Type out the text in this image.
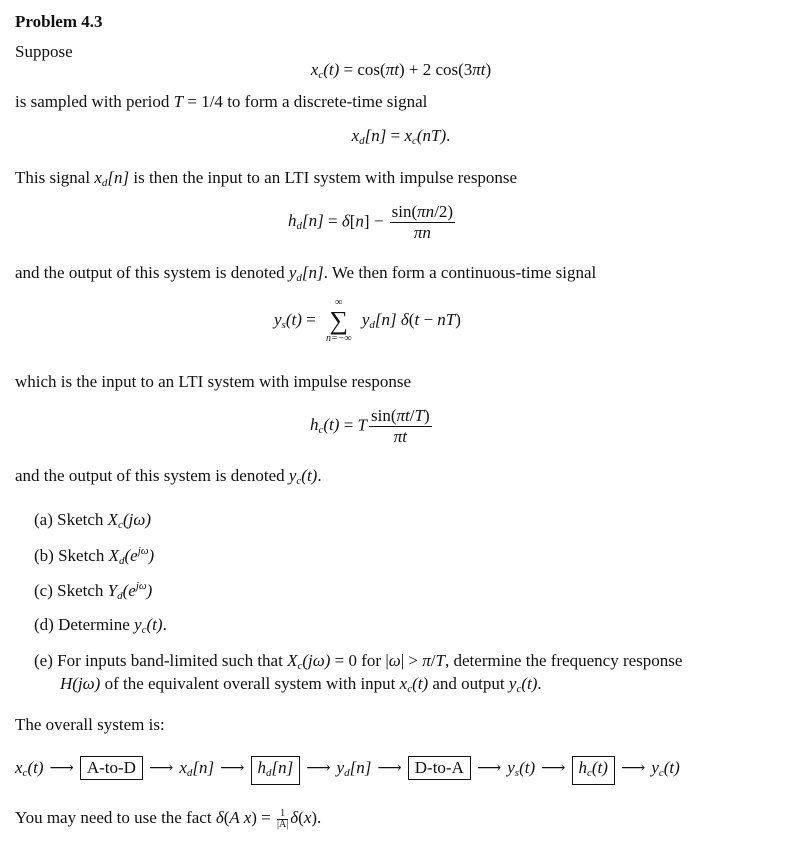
Problem 4.3
Suppose
$x_c(t) = \cos(\pi t) + 2$ cos(3πt)
is sampled with period T = 1/4 to form a discrete-time signal
$x_d[n] = x_c(nT)$.
This signal $x_d[n]$ is then the input to an LTI system with impulse response
$h_d[n] = \delta[n] - \frac{\sin(\pi n/2)}{\pi n}$
and the output of this system is denoted $y_d[n]$. We then form a continuous-time signal
$y_s(t)$ =
∞
∑
n=−∞
$y_d[n] \delta(t - nT)$
which is the input to an LTI system with impulse response
$h_c(t) = T \frac{\sin(\pi t/T)}{\pi t}$
and the output of this system is denoted $y_c(t)$.
(a) Sketch $X_c(j\omega)$
(b) Sketch $X_d(e^{j\omega})$
(c) Sketch $Y_d(e^{j\omega})$
(d) Determine $y_c(t)$.
(e) For inputs band-limited such that $X_c(j\omega) = 0$ for |ω| > π/T, determine the frequency response
H(jω) of the equivalent overall system with input $x_c(t)$ and output $y_c(t)$.
The overall system is:
$x_c(t)$ ⟶ A-to-D ⟶ $x_d[n]$ ⟶ $h_d[n]$ ⟶ $y_d[n]$ ⟶ D-to-A ⟶ $y_s(t)$ ⟶ $h_c(t)$ ⟶ $y_c(t)$
You may need to use the fact δ(A $x) = \frac{1}{|A|} \delta(x)$.
